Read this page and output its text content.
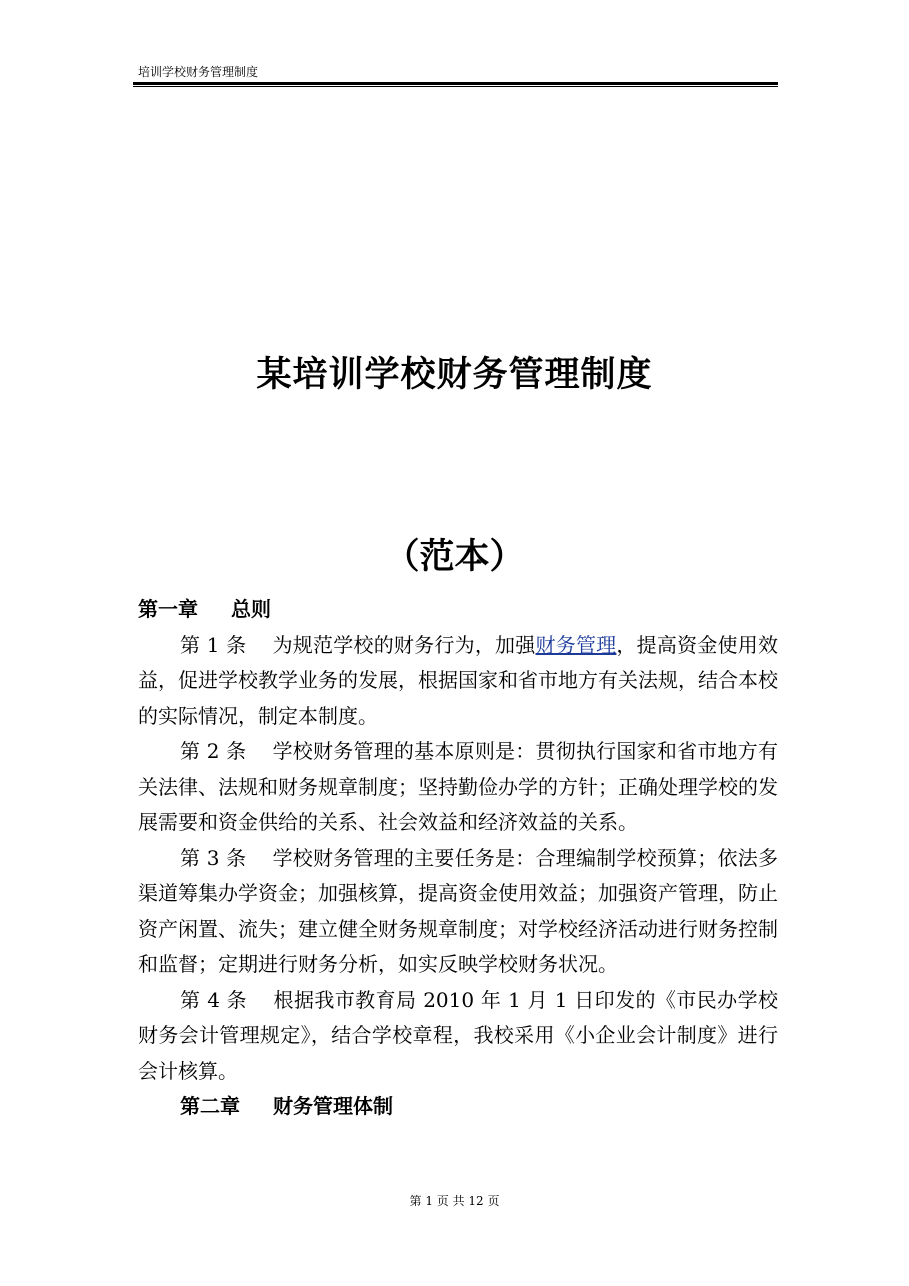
培训学校财务管理制度
某培训学校财务管理制度
（范本）
第一章 总则

第 1 条 为规范学校的财务行为，加强财务管理，提高资金使用效益，促进学校教学业务的发展，根据国家和省市地方有关法规，结合本校的实际情况，制定本制度。

第 2 条 学校财务管理的基本原则是：贯彻执行国家和省市地方有关法律、法规和财务规章制度；坚持勤俭办学的方针；正确处理学校的发展需要和资金供给的关系、社会效益和经济效益的关系。

第 3 条 学校财务管理的主要任务是：合理编制学校预算；依法多渠道筹集办学资金；加强核算，提高资金使用效益；加强资产管理，防止资产闲置、流失；建立健全财务规章制度；对学校经济活动进行财务控制和监督；定期进行财务分析，如实反映学校财务状况。

第 4 条 根据我市教育局 2010 年 1 月 1 日印发的《市民办学校财务会计管理规定》，结合学校章程，我校采用《小企业会计制度》进行会计核算。

第二章 财务管理体制
第 1 页 共 12 页
